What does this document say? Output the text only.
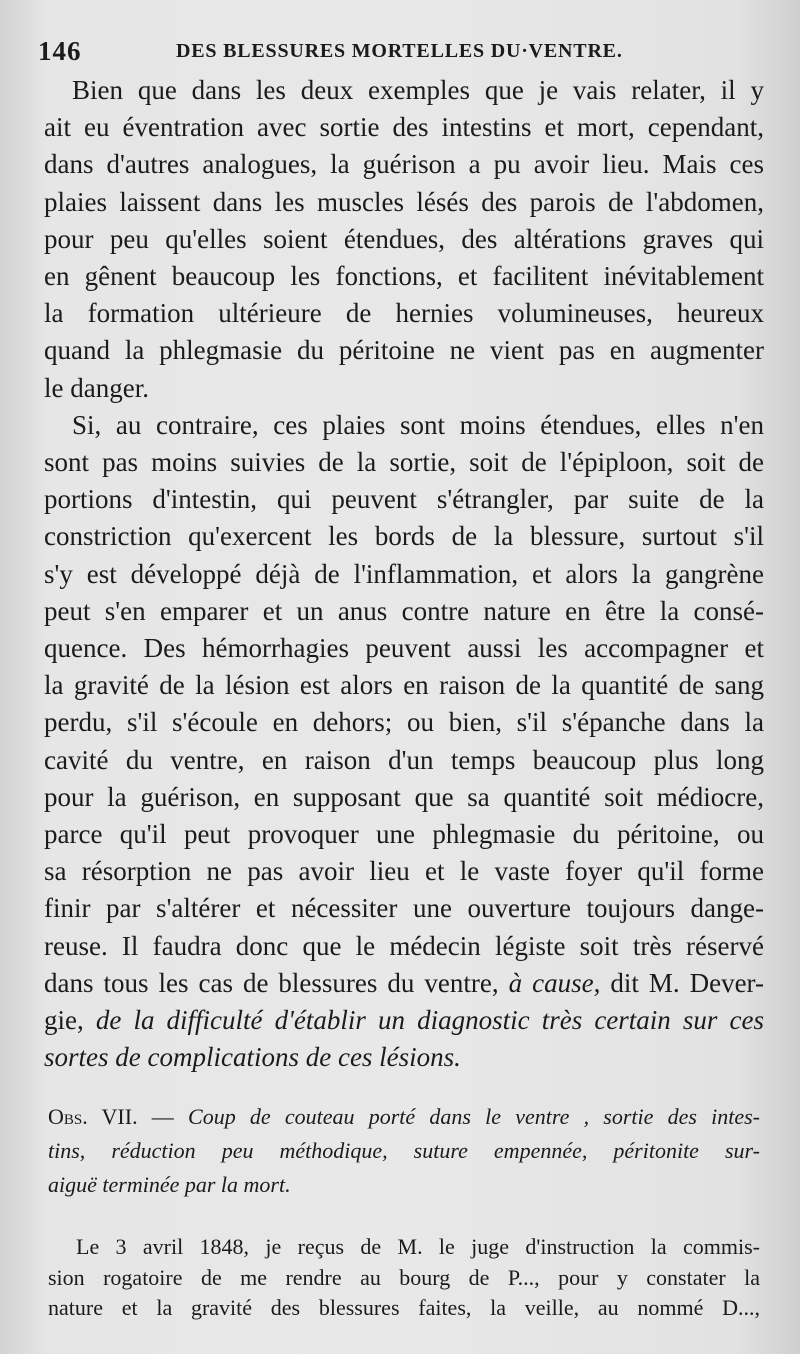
146	DES BLESSURES MORTELLES DU·VENTRE.
Bien que dans les deux exemples que je vais relater, il y
ait eu éventration avec sortie des intestins et mort, cependant,
dans d'autres analogues, la guérison a pu avoir lieu. Mais ces
plaies laissent dans les muscles lésés des parois de l'abdomen,
pour peu qu'elles soient étendues, des altérations graves qui
en gênent beaucoup les fonctions, et facilitent inévitablement
la formation ultérieure de hernies volumineuses, heureux
quand la phlegmasie du péritoine ne vient pas en augmenter
le danger.
Si, au contraire, ces plaies sont moins étendues, elles n'en
sont pas moins suivies de la sortie, soit de l'épiploon, soit de
portions d'intestin, qui peuvent s'étrangler, par suite de la
constriction qu'exercent les bords de la blessure, surtout s'il
s'y est développé déjà de l'inflammation, et alors la gangrène
peut s'en emparer et un anus contre nature en être la consé-
quence. Des hémorrhagies peuvent aussi les accompagner et
la gravité de la lésion est alors en raison de la quantité de sang
perdu, s'il s'écoule en dehors; ou bien, s'il s'épanche dans la
cavité du ventre, en raison d'un temps beaucoup plus long
pour la guérison, en supposant que sa quantité soit médiocre,
parce qu'il peut provoquer une phlegmasie du péritoine, ou
sa résorption ne pas avoir lieu et le vaste foyer qu'il forme
finir par s'altérer et nécessiter une ouverture toujours dange-
reuse. Il faudra donc que le médecin légiste soit très réservé
dans tous les cas de blessures du ventre, à cause, dit M. Dever-
gie, de la difficulté d'établir un diagnostic très certain sur ces
sortes de complications de ces lésions.
Obs. VII. — Coup de couteau porté dans le ventre , sortie des intes-
tins, réduction peu méthodique, suture empennée, péritonite sur-
aiguë terminée par la mort.
Le 3 avril 1848, je reçus de M. le juge d'instruction la commis-
sion rogatoire de me rendre au bourg de P..., pour y constater la
nature et la gravité des blessures faites, la veille, au nommé D...,
